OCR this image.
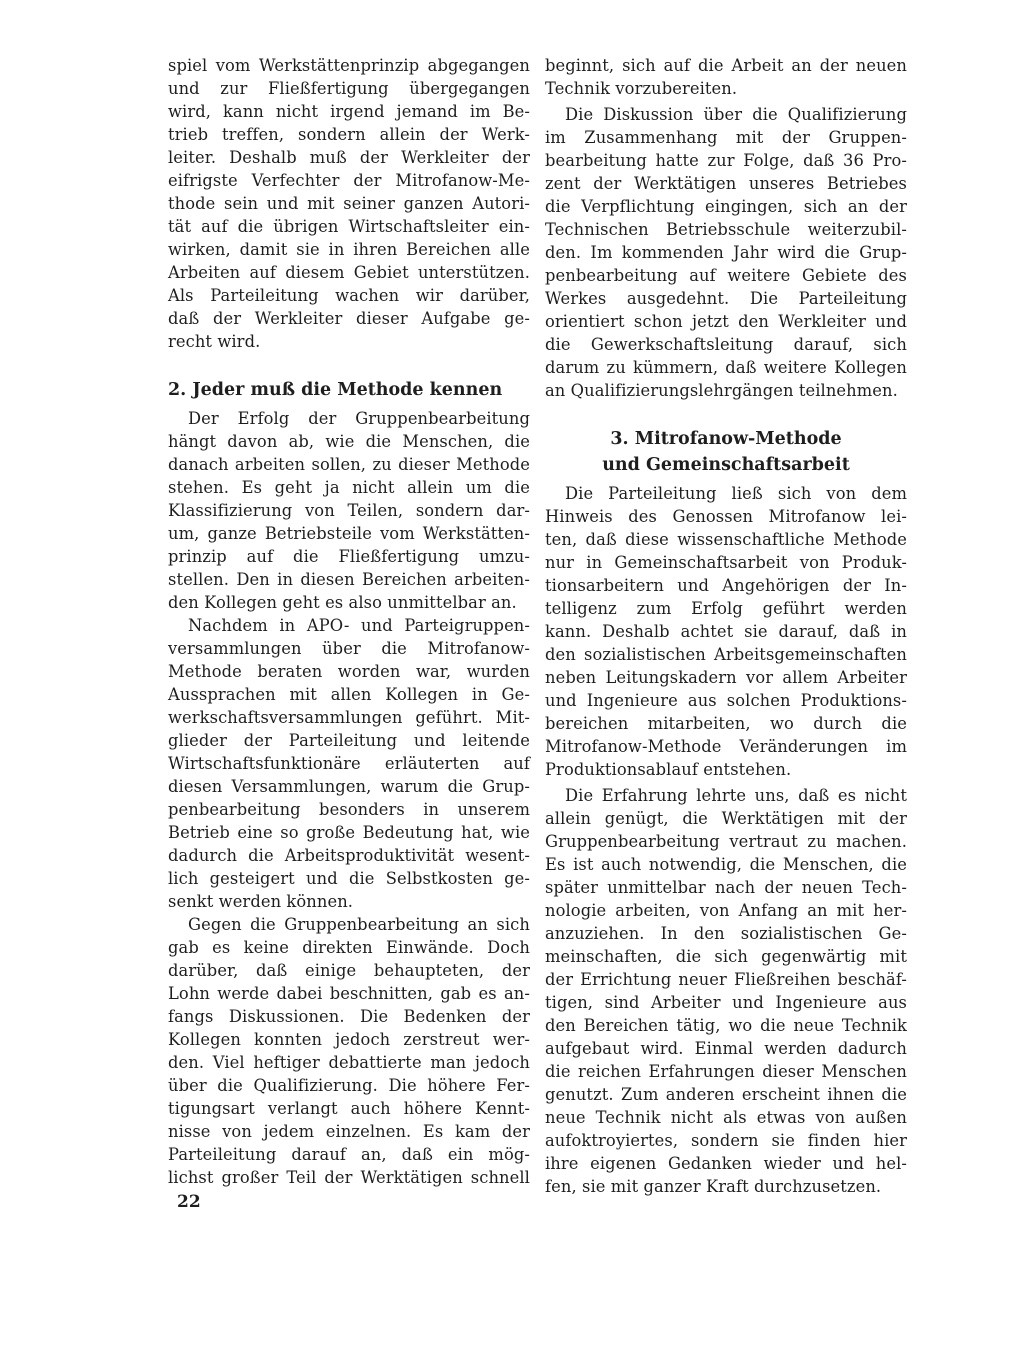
spiel vom Werkstättenprinzip abgegangen
und zur Fließfertigung übergegangen
wird, kann nicht irgend jemand im Be-
trieb treffen, sondern allein der Werk-
leiter. Deshalb muß der Werkleiter der
eifrigste Verfechter der Mitrofanow-Me-
thode sein und mit seiner ganzen Autori-
tät auf die übrigen Wirtschaftsleiter ein-
wirken, damit sie in ihren Bereichen alle
Arbeiten auf diesem Gebiet unterstützen.
Als Parteileitung wachen wir darüber,
daß der Werkleiter dieser Aufgabe ge-
recht wird.
2. Jeder muß die Methode kennen
Der Erfolg der Gruppenbearbeitung
hängt davon ab, wie die Menschen, die
danach arbeiten sollen, zu dieser Methode
stehen. Es geht ja nicht allein um die
Klassifizierung von Teilen, sondern dar-
um, ganze Betriebsteile vom Werkstätten-
prinzip auf die Fließfertigung umzu-
stellen. Den in diesen Bereichen arbeiten-
den Kollegen geht es also unmittelbar an.
Nachdem in APO- und Parteigruppen-
versammlungen über die Mitrofanow-
Methode beraten worden war, wurden
Aussprachen mit allen Kollegen in Ge-
werkschaftsversammlungen geführt. Mit-
glieder der Parteileitung und leitende
Wirtschaftsfunktionäre erläuterten auf
diesen Versammlungen, warum die Grup-
penbearbeitung besonders in unserem
Betrieb eine so große Bedeutung hat, wie
dadurch die Arbeitsproduktivität wesent-
lich gesteigert und die Selbstkosten ge-
senkt werden können.
Gegen die Gruppenbearbeitung an sich
gab es keine direkten Einwände. Doch
darüber, daß einige behaupteten, der
Lohn werde dabei beschnitten, gab es an-
fangs Diskussionen. Die Bedenken der
Kollegen konnten jedoch zerstreut wer-
den. Viel heftiger debattierte man jedoch
über die Qualifizierung. Die höhere Fer-
tigungsart verlangt auch höhere Kennt-
nisse von jedem einzelnen. Es kam der
Parteileitung darauf an, daß ein mög-
lichst großer Teil der Werktätigen schnell
beginnt, sich auf die Arbeit an der neuen
Technik vorzubereiten.
Die Diskussion über die Qualifizierung
im Zusammenhang mit der Gruppen-
bearbeitung hatte zur Folge, daß 36 Pro-
zent der Werktätigen unseres Betriebes
die Verpflichtung eingingen, sich an der
Technischen Betriebsschule weiterzubil-
den. Im kommenden Jahr wird die Grup-
penbearbeitung auf weitere Gebiete des
Werkes ausgedehnt. Die Parteileitung
orientiert schon jetzt den Werkleiter und
die Gewerkschaftsleitung darauf, sich
darum zu kümmern, daß weitere Kollegen
an Qualifizierungslehrgängen teilnehmen.
3. Mitrofanow-Methode
und Gemeinschaftsarbeit
Die Parteileitung ließ sich von dem
Hinweis des Genossen Mitrofanow lei-
ten, daß diese wissenschaftliche Methode
nur in Gemeinschaftsarbeit von Produk-
tionsarbeitern und Angehörigen der In-
telligenz zum Erfolg geführt werden
kann. Deshalb achtet sie darauf, daß in
den sozialistischen Arbeitsgemeinschaften
neben Leitungskadern vor allem Arbeiter
und Ingenieure aus solchen Produktions-
bereichen mitarbeiten, wo durch die
Mitrofanow-Methode Veränderungen im
Produktionsablauf entstehen.
Die Erfahrung lehrte uns, daß es nicht
allein genügt, die Werktätigen mit der
Gruppenbearbeitung vertraut zu machen.
Es ist auch notwendig, die Menschen, die
später unmittelbar nach der neuen Tech-
nologie arbeiten, von Anfang an mit her-
anzuziehen. In den sozialistischen Ge-
meinschaften, die sich gegenwärtig mit
der Errichtung neuer Fließreihen beschäf-
tigen, sind Arbeiter und Ingenieure aus
den Bereichen tätig, wo die neue Technik
aufgebaut wird. Einmal werden dadurch
die reichen Erfahrungen dieser Menschen
genutzt. Zum anderen erscheint ihnen die
neue Technik nicht als etwas von außen
aufoktroyiertes, sondern sie finden hier
ihre eigenen Gedanken wieder und hel-
fen, sie mit ganzer Kraft durchzusetzen.
22
